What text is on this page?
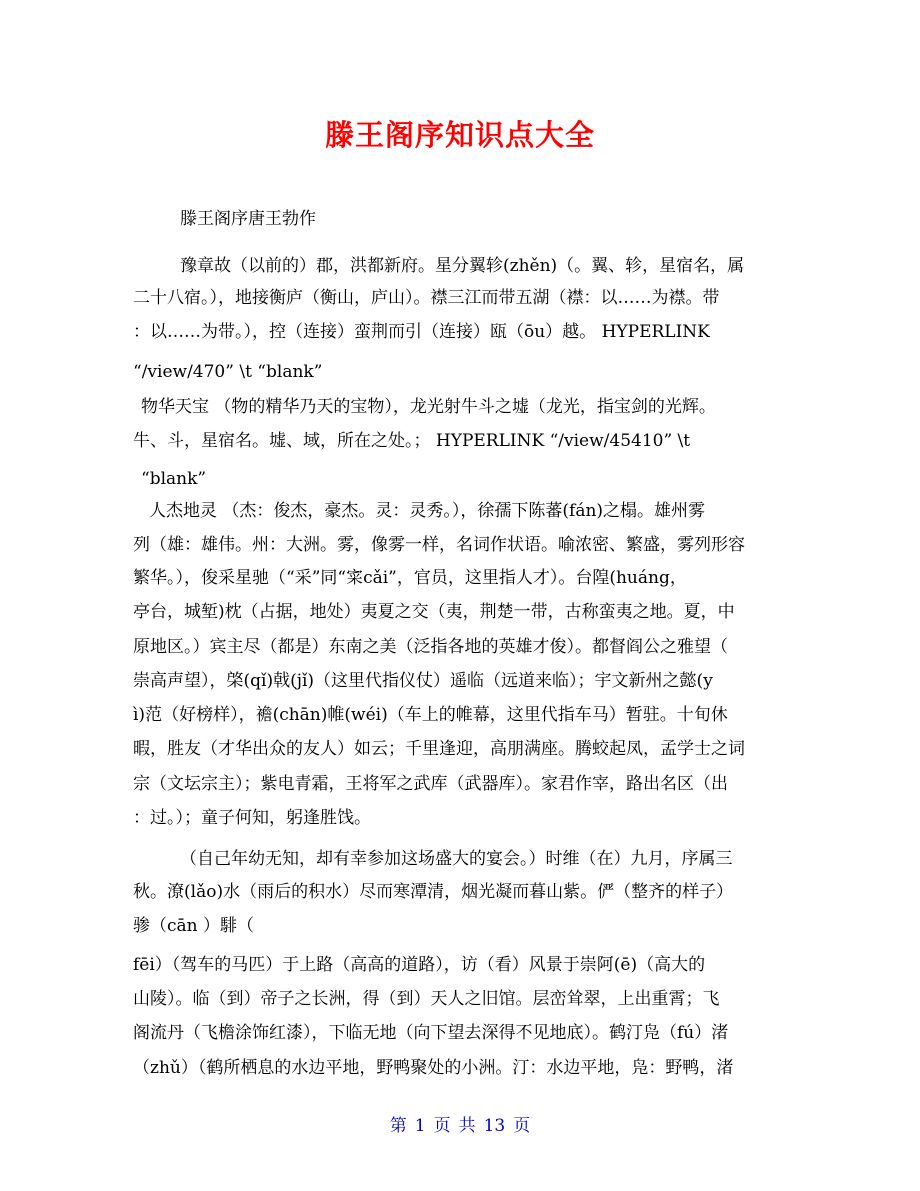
滕王阁序知识点大全
滕王阁序唐王勃作
豫章故（以前的）郡，洪都新府。星分翼轸(zhěn)（。翼、轸，星宿名，属
二十八宿。），地接衡庐（衡山，庐山）。襟三江而带五湖（襟：以……为襟。带
：以……为带。），控（连接）蛮荆而引（连接）瓯（ōu）越。 HYPERLINK
“/view/470” \t “blank”
物华天宝 （物的精华乃天的宝物），龙光射牛斗之墟（龙光，指宝剑的光辉。
牛、斗，星宿名。墟、域，所在之处。； HYPERLINK “/view/45410” \t
“blank”
人杰地灵 （杰：俊杰，豪杰。灵：灵秀。），徐孺下陈蕃(fán)之榻。雄州雾
列（雄：雄伟。州：大洲。雾，像雾一样，名词作状语。喻浓密、繁盛，雾列形容
繁华。），俊采星驰（“采”同“寀cǎi”，官员，这里指人才）。台隍(huáng，
亭台，城堑)枕（占据，地处）夷夏之交（夷，荆楚一带，古称蛮夷之地。夏，中
原地区。）宾主尽（都是）东南之美（泛指各地的英雄才俊）。都督阎公之雅望（
崇高声望），棨(qǐ)戟(jǐ)（这里代指仪仗）遥临（远道来临）；宇文新州之懿(y
ì)范（好榜样），襜(chān)帷(wéi)（车上的帷幕，这里代指车马）暂驻。十旬休
暇，胜友（才华出众的友人）如云；千里逢迎，高朋满座。腾蛟起凤，孟学士之词
宗（文坛宗主）；紫电青霜，王将军之武库（武器库）。家君作宰，路出名区（出
：过。）；童子何知，躬逢胜饯。
（自己年幼无知，却有幸参加这场盛大的宴会。）时维（在）九月，序属三
秋。潦(lǎo)水（雨后的积水）尽而寒潭清，烟光凝而暮山紫。俨（整齐的样子）
骖（cān ）騑（
fēi）（驾车的马匹）于上路（高高的道路），访（看）风景于崇阿(ē)（高大的
山陵）。临（到）帝子之长洲，得（到）天人之旧馆。层峦耸翠，上出重霄；飞
阁流丹（飞檐涂饰红漆），下临无地（向下望去深得不见地底）。鹤汀凫（fú）渚
（zhǔ）（鹤所栖息的水边平地，野鸭聚处的小洲。汀：水边平地，凫：野鸭，渚
第 1 页 共 13 页
